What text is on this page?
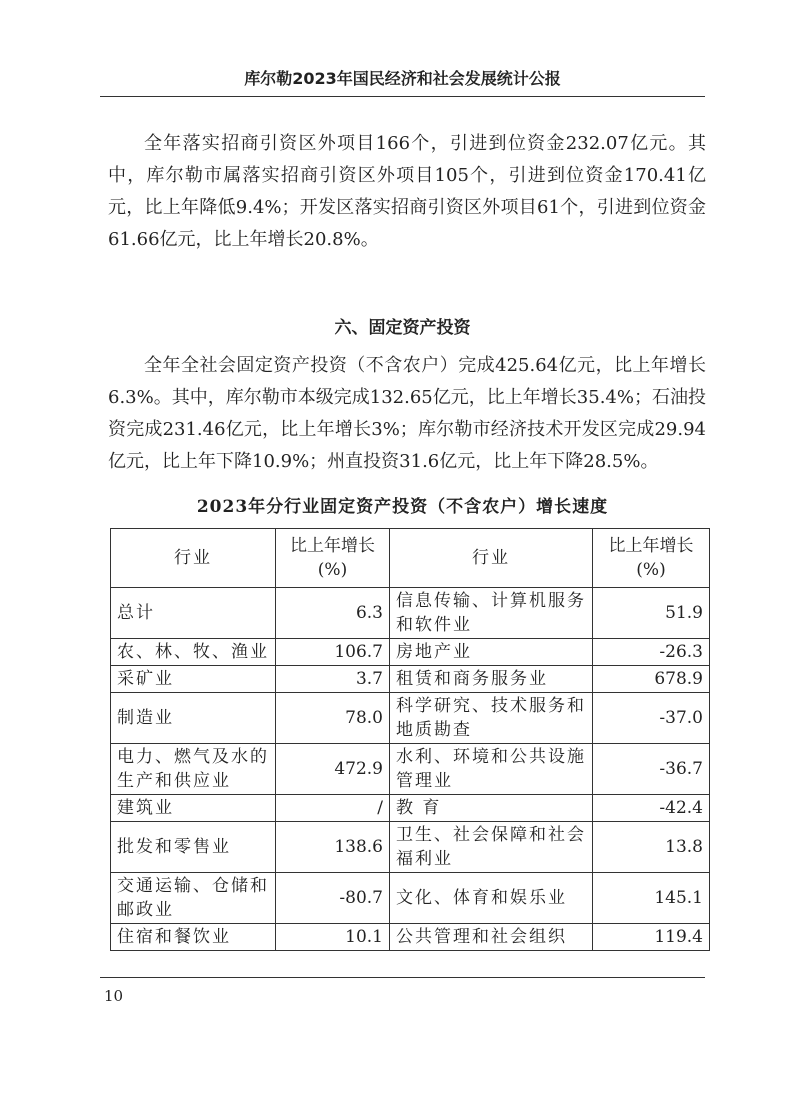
库尔勒2023年国民经济和社会发展统计公报

全年落实招商引资区外项目166个，引进到位资金232.07亿元。其中，库尔勒市属落实招商引资区外项目105个，引进到位资金170.41亿元，比上年降低9.4%；开发区落实招商引资区外项目61个，引进到位资金61.66亿元，比上年增长20.8%。

六、固定资产投资

全年全社会固定资产投资（不含农户）完成425.64亿元，比上年增长6.3%。其中，库尔勒市本级完成132.65亿元，比上年增长35.4%；石油投资完成231.46亿元，比上年增长3%；库尔勒市经济技术开发区完成29.94亿元，比上年下降10.9%；州直投资31.6亿元，比上年下降28.5%。

2023年分行业固定资产投资（不含农户）增长速度
行业	比上年增长(%)	行业	比上年增长(%)
总计	6.3	信息传输、计算机服务和软件业	51.9
农、林、牧、渔业	106.7	房地产业	-26.3
采矿业	3.7	租赁和商务服务业	678.9
制造业	78.0	科学研究、技术服务和地质勘查	-37.0
电力、燃气及水的生产和供应业	472.9	水利、环境和公共设施管理业	-36.7
建筑业	/	教 育	-42.4
批发和零售业	138.6	卫生、社会保障和社会福利业	13.8
交通运输、仓储和邮政业	-80.7	文化、体育和娱乐业	145.1
住宿和餐饮业	10.1	公共管理和社会组织	119.4
10
